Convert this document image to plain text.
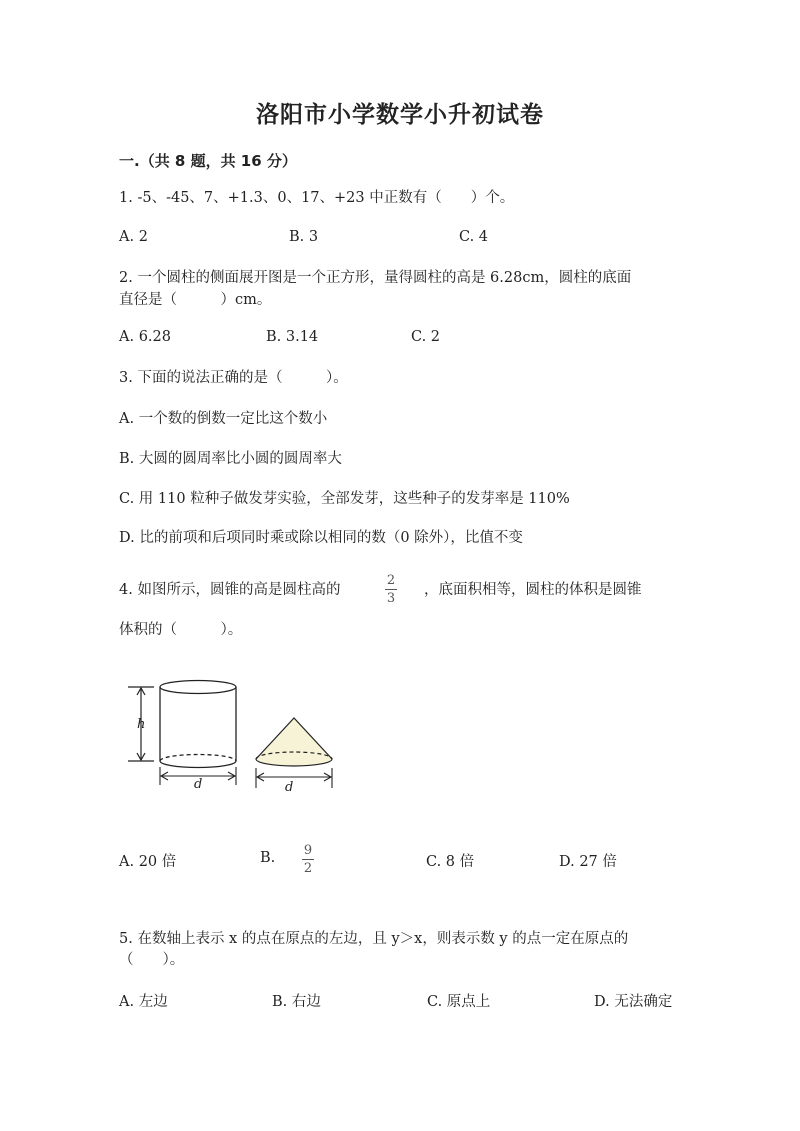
洛阳市小学数学小升初试卷
一.（共 8 题，共 16 分）
1. -5、-45、7、+1.3、0、17、+23 中正数有（　　）个。
A. 2	B. 3	C. 4
2. 一个圆柱的侧面展开图是一个正方形，量得圆柱的高是 6.28cm，圆柱的底面
直径是（　　　）cm。
A. 6.28	B. 3.14	C. 2
3. 下面的说法正确的是（　　　）。
A. 一个数的倒数一定比这个数小
B. 大圆的圆周率比小圆的圆周率大
C. 用 110 粒种子做发芽实验，全部发芽，这些种子的发芽率是 110%
D. 比的前项和后项同时乘或除以相同的数（0 除外），比值不变
4. 如图所示，圆锥的高是圆柱高的
2
3
，底面积相等，圆柱的体积是圆锥
体积的（　　　）。
h
d	d
A. 20 倍	B. 9
2	C. 8 倍	D. 27 倍
5. 在数轴上表示 x 的点在原点的左边，且 y＞x，则表示数 y 的点一定在原点的
（　　）。
A. 左边	B. 右边	C. 原点上	D. 无法确定
